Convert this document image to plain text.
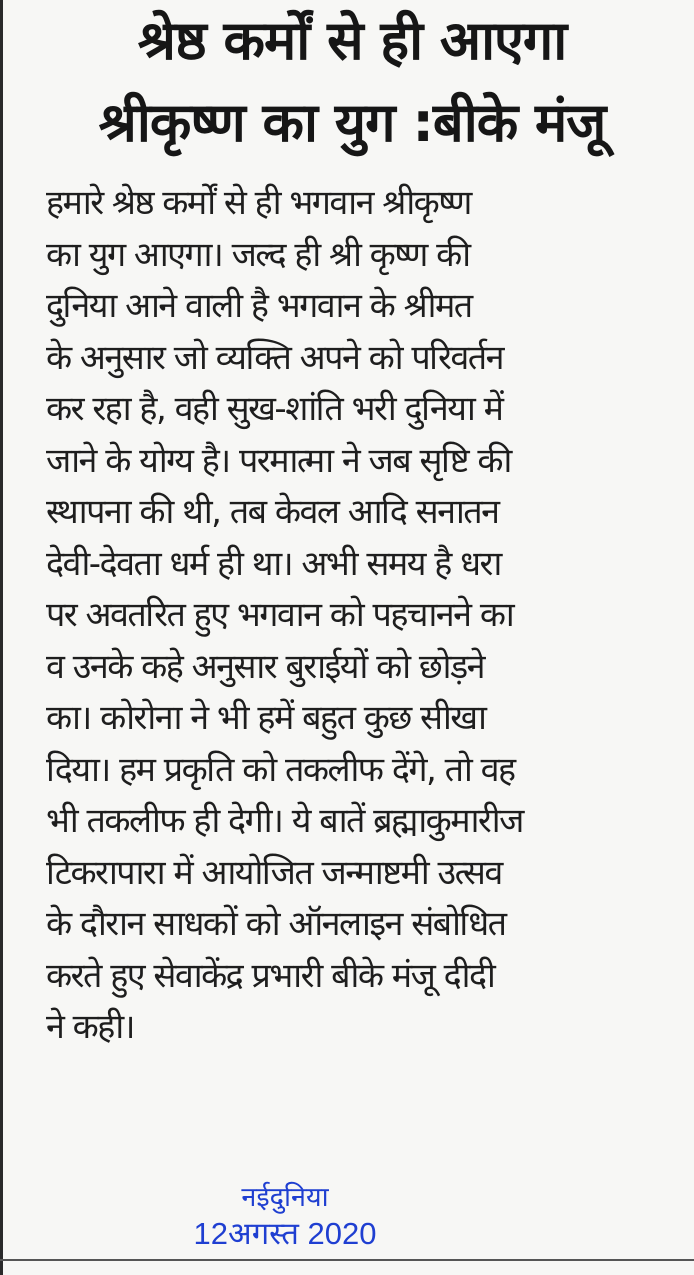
श्रेष्ठ कर्मों से ही आएगा
श्रीकृष्ण का युग :बीके मंजू
हमारे श्रेष्ठ कर्मों से ही भगवान श्रीकृष्ण
का युग आएगा। जल्द ही श्री कृष्ण की
दुनिया आने वाली है भगवान के श्रीमत
के अनुसार जो व्यक्ति अपने को परिवर्तन
कर रहा है, वही सुख-शांति भरी दुनिया में
जाने के योग्य है। परमात्मा ने जब सृष्टि की
स्थापना की थी, तब केवल आदि सनातन
देवी-देवता धर्म ही था। अभी समय है धरा
पर अवतरित हुए भगवान को पहचानने का
व उनके कहे अनुसार बुराईयों को छोड़ने
का। कोरोना ने भी हमें बहुत कुछ सीखा
दिया। हम प्रकृति को तकलीफ देंगे, तो वह
भी तकलीफ ही देगी। ये बातें ब्रह्माकुमारीज
टिकरापारा में आयोजित जन्माष्टमी उत्सव
के दौरान साधकों को ऑनलाइन संबोधित
करते हुए सेवाकेंद्र प्रभारी बीके मंजू दीदी
ने कही।
नईदुनिया
12अगस्त 2020
